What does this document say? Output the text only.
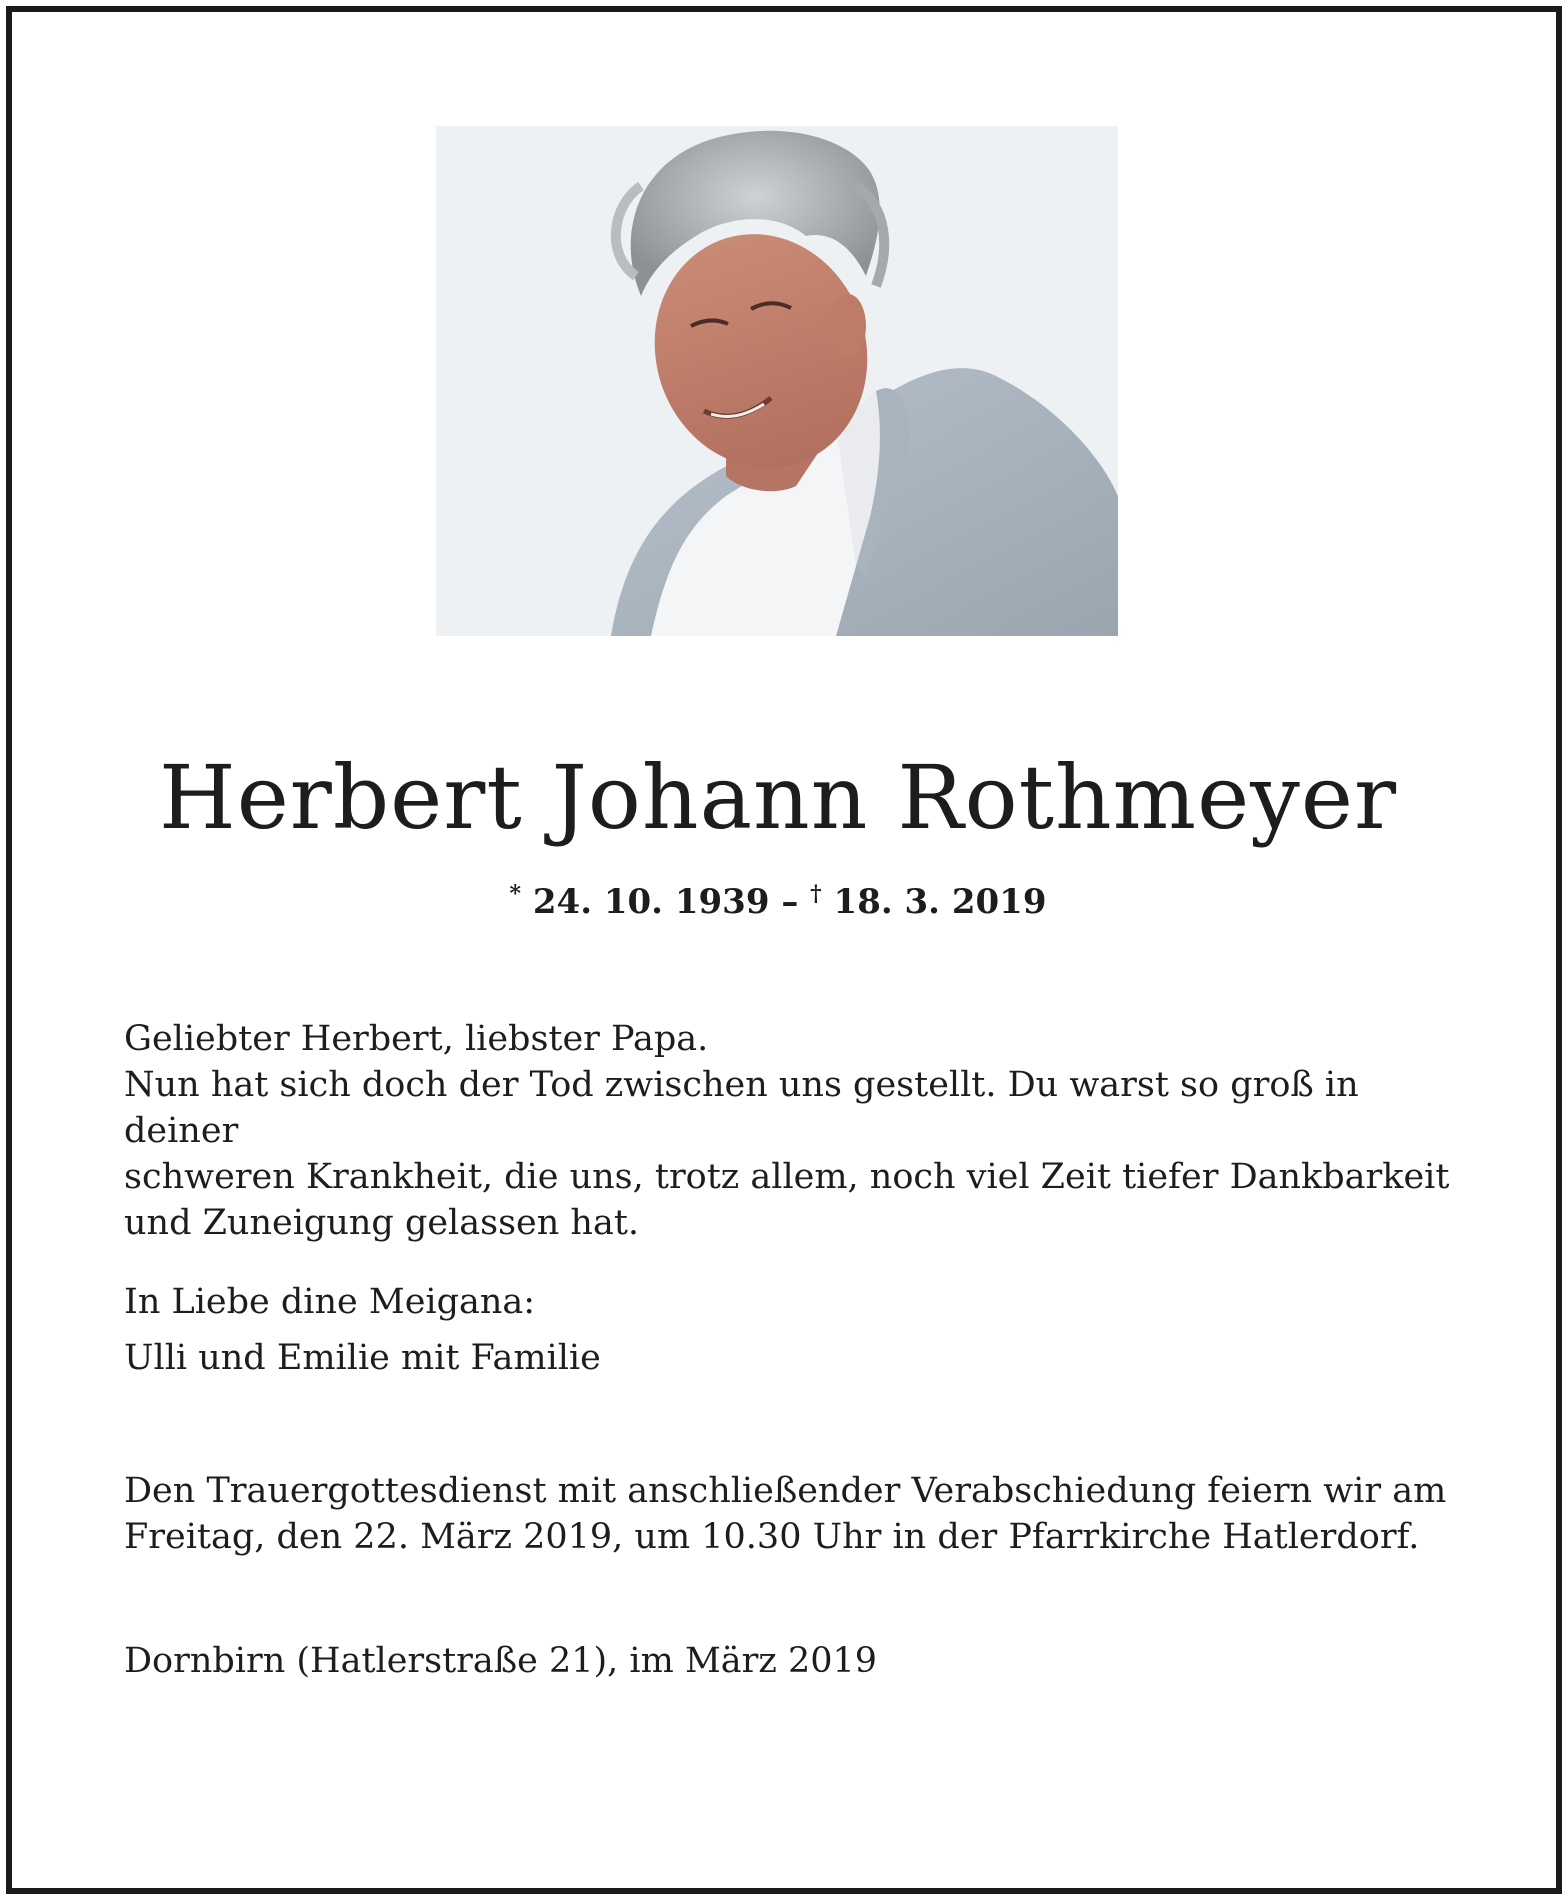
Herbert Johann Rothmeyer
* 24. 10. 1939 – † 18. 3. 2019

Geliebter Herbert, liebster Papa.

Nun hat sich doch der Tod zwischen uns gestellt. Du warst so groß in deiner

schweren Krankheit, die uns, trotz allem, noch viel Zeit tiefer Dankbarkeit

und Zuneigung gelassen hat.

In Liebe dine Meigana:

Ulli und Emilie mit Familie

Den Trauergottesdienst mit anschließender Verabschiedung feiern wir am

Freitag, den 22. März 2019, um 10.30 Uhr in der Pfarrkirche Hatlerdorf.

Dornbirn (Hatlerstraße 21), im März 2019
